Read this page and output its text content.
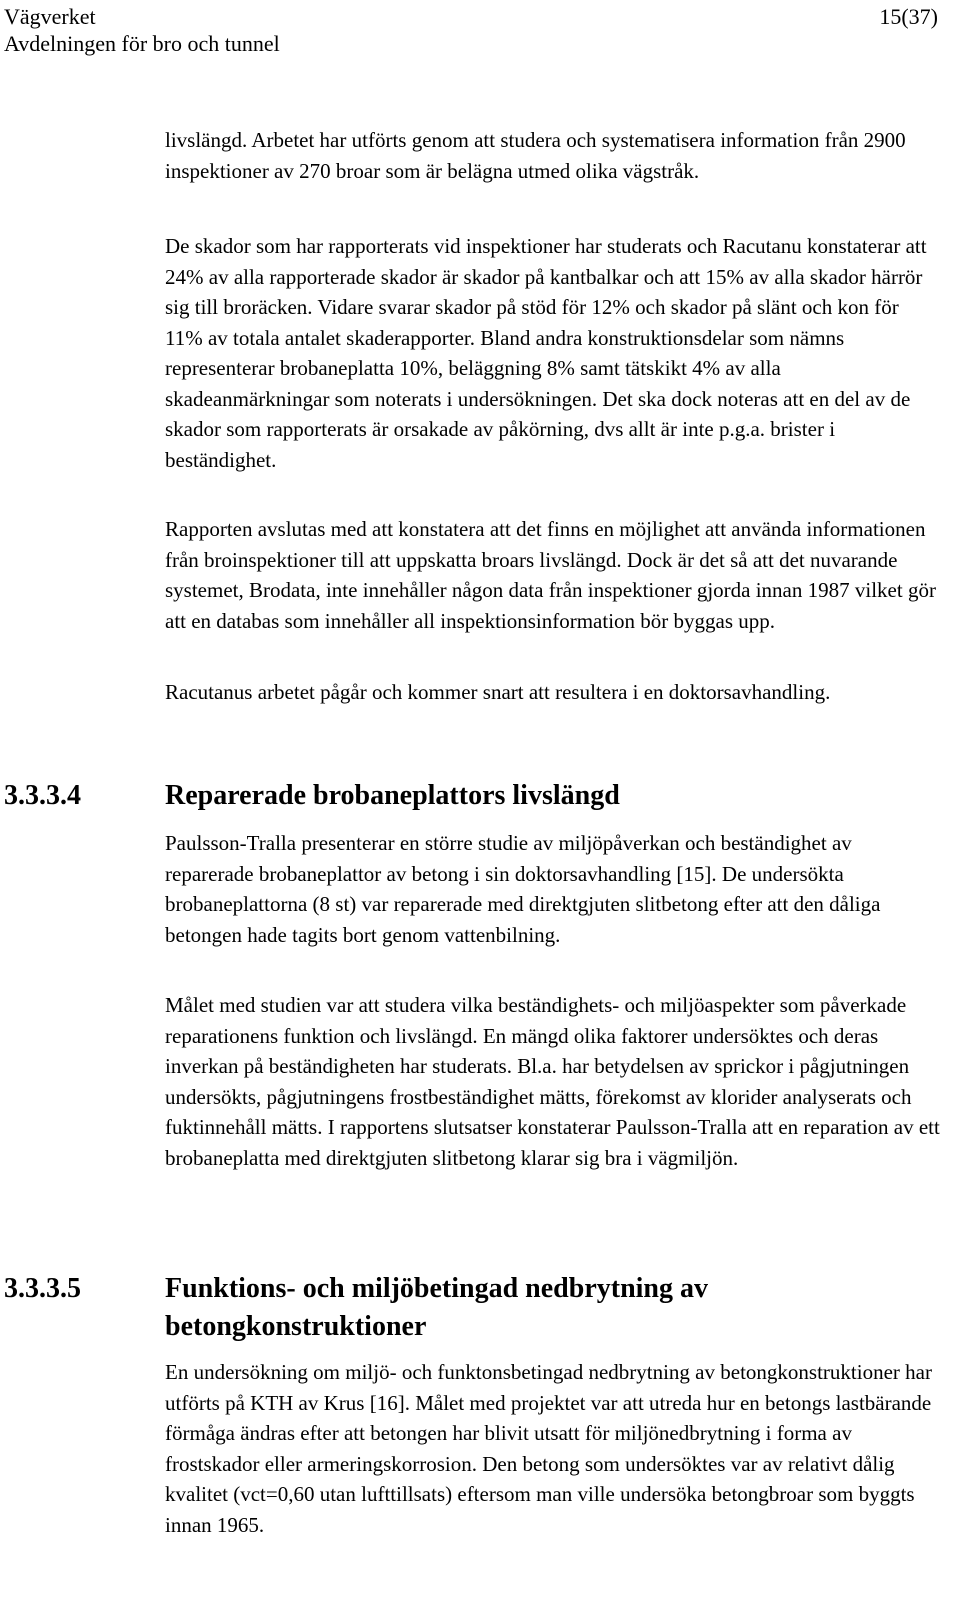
Vägverket
Avdelningen för bro och tunnel
15(37)

livslängd. Arbetet har utförts genom att studera och systematisera information från 2900 inspektioner av 270 broar som är belägna utmed olika vägstråk.

De skador som har rapporterats vid inspektioner har studerats och Racutanu konstaterar att 24% av alla rapporterade skador är skador på kantbalkar och att 15% av alla skador härrör sig till broräcken. Vidare svarar skador på stöd för 12% och skador på slänt och kon för 11% av totala antalet skaderapporter. Bland andra konstruktionsdelar som nämns representerar brobaneplatta 10%, beläggning 8% samt tätskikt 4% av alla skadeanmärkningar som noterats i undersökningen. Det ska dock noteras att en del av de skador som rapporterats är orsakade av påkörning, dvs allt är inte p.g.a. brister i beständighet.

Rapporten avslutas med att konstatera att det finns en möjlighet att använda informationen från broinspektioner till att uppskatta broars livslängd. Dock är det så att det nuvarande systemet, Brodata, inte innehåller någon data från inspektioner gjorda innan 1987 vilket gör att en databas som innehåller all inspektionsinformation bör byggas upp.

Racutanus arbetet pågår och kommer snart att resultera i en doktorsavhandling.

3.3.3.4	Reparerade brobaneplattors livslängd

Paulsson-Tralla presenterar en större studie av miljöpåverkan och beständighet av reparerade brobaneplattor av betong i sin doktorsavhandling [15]. De undersökta brobaneplattorna (8 st) var reparerade med direktgjuten slitbetong efter att den dåliga betongen hade tagits bort genom vattenbilning.

Målet med studien var att studera vilka beständighets- och miljöaspekter som påverkade reparationens funktion och livslängd. En mängd olika faktorer undersöktes och deras inverkan på beständigheten har studerats. Bl.a. har betydelsen av sprickor i pågjutningen undersökts, pågjutningens frostbeständighet mätts, förekomst av klorider analyserats och fuktinnehåll mätts. I rapportens slutsatser konstaterar Paulsson-Tralla att en reparation av ett brobaneplatta med direktgjuten slitbetong klarar sig bra i vägmiljön.

3.3.3.5	Funktions- och miljöbetingad nedbrytning av betongkonstruktioner

En undersökning om miljö- och funktonsbetingad nedbrytning av betongkonstruktioner har utförts på KTH av Krus [16]. Målet med projektet var att utreda hur en betongs lastbärande förmåga ändras efter att betongen har blivit utsatt för miljönedbrytning i forma av frostskador eller armeringskorrosion. Den betong som undersöktes var av relativt dålig kvalitet (vct=0,60 utan lufttillsats) eftersom man ville undersöka betongbroar som byggts innan 1965.
